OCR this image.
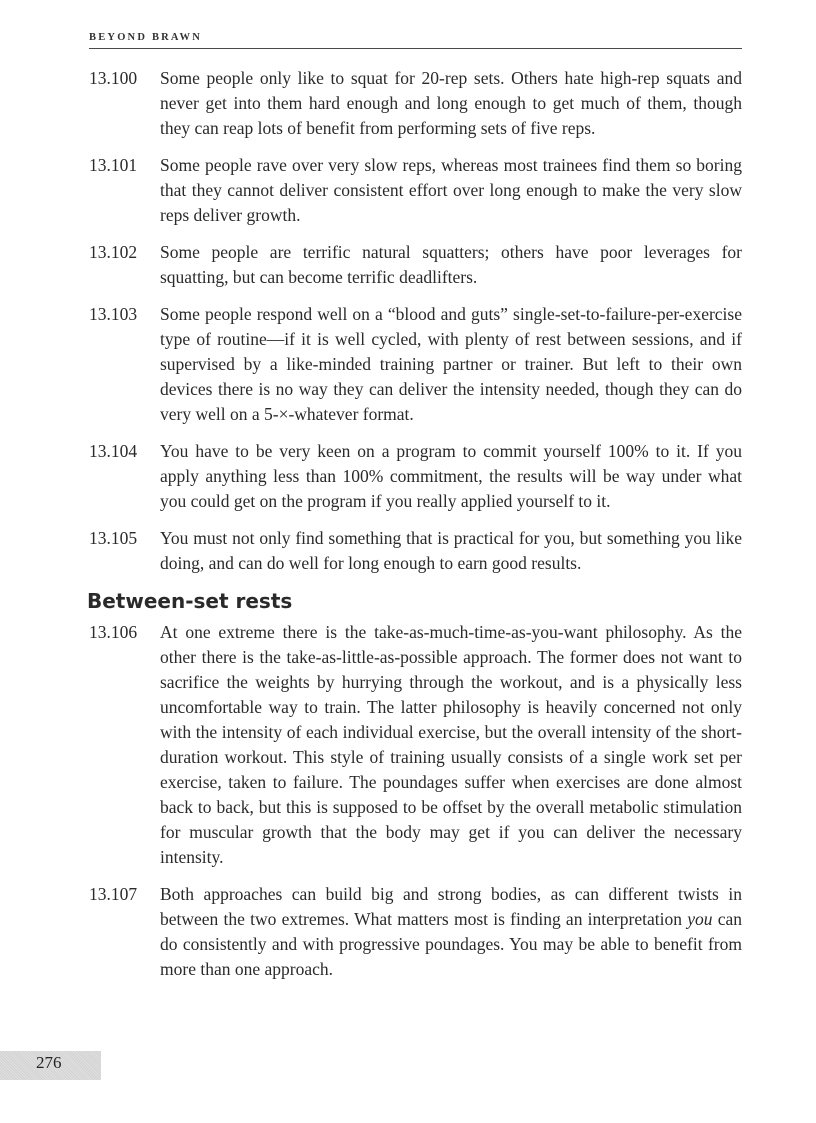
BEYOND BRAWN
13.100	Some people only like to squat for 20-rep sets. Others hate high-rep squats and never get into them hard enough and long enough to get much of them, though they can reap lots of benefit from performing sets of five reps.
13.101	Some people rave over very slow reps, whereas most trainees find them so boring that they cannot deliver consistent effort over long enough to make the very slow reps deliver growth.
13.102	Some people are terrific natural squatters; others have poor leverages for squatting, but can become terrific deadlifters.
13.103	Some people respond well on a “blood and guts” single-set-to-failure-per-exercise type of routine—if it is well cycled, with plenty of rest between sessions, and if supervised by a like-minded training partner or trainer. But left to their own devices there is no way they can deliver the intensity needed, though they can do very well on a 5-×-whatever format.
13.104	You have to be very keen on a program to commit yourself 100% to it. If you apply anything less than 100% commitment, the results will be way under what you could get on the program if you really applied yourself to it.
13.105	You must not only find something that is practical for you, but something you like doing, and can do well for long enough to earn good results.
Between-set rests
13.106	At one extreme there is the take-as-much-time-as-you-want philosophy. As the other there is the take-as-little-as-possible approach. The former does not want to sacrifice the weights by hurrying through the workout, and is a physically less uncomfortable way to train. The latter philosophy is heavily concerned not only with the intensity of each individual exercise, but the overall intensity of the short-duration workout. This style of training usually consists of a single work set per exercise, taken to failure. The poundages suffer when exercises are done almost back to back, but this is supposed to be offset by the overall metabolic stimulation for muscular growth that the body may get if you can deliver the necessary intensity.
13.107	Both approaches can build big and strong bodies, as can different twists in between the two extremes. What matters most is finding an interpretation you can do consistently and with progressive poundages. You may be able to benefit from more than one approach.
276
